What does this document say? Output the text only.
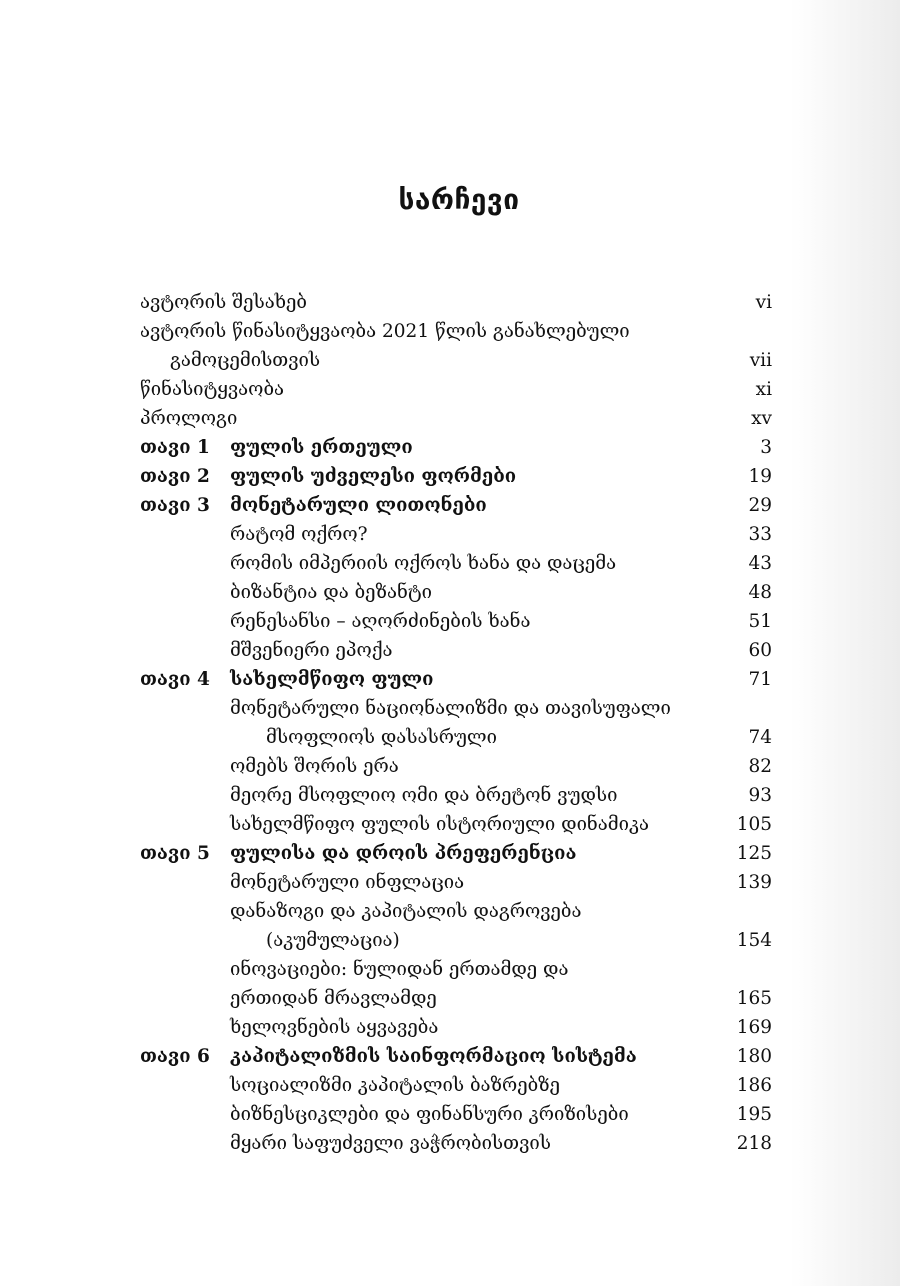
სარჩევი
ავტორის შესახებ	vi
ავტორის წინასიტყვაობა 2021 წლის განახლებული
გამოცემისთვის	vii
წინასიტყვაობა	xi
პროლოგი	xv
თავი 1 ფულის ერთეული	3
თავი 2 ფულის უძველესი ფორმები	19
თავი 3 მონეტარული ლითონები	29
რატომ ოქრო?	33
რომის იმპერიის ოქროს ხანა და დაცემა	43
ბიზანტია და ბეზანტი	48
რენესანსი – აღორძინების ხანა	51
მშვენიერი ეპოქა	60
თავი 4 სახელმწიფო ფული	71
მონეტარული ნაციონალიზმი და თავისუფალი
მსოფლიოს დასასრული	74
ომებს შორის ერა	82
მეორე მსოფლიო ომი და ბრეტონ ვუდსი	93
სახელმწიფო ფულის ისტორიული დინამიკა	105
თავი 5 ფულისა და დროის პრეფერენცია	125
მონეტარული ინფლაცია	139
დანაზოგი და კაპიტალის დაგროვება
(აკუმულაცია)	154
ინოვაციები: ნულიდან ერთამდე და
ერთიდან მრავლამდე	165
ხელოვნების აყვავება	169
თავი 6 კაპიტალიზმის საინფორმაციო სისტემა	180
სოციალიზმი კაპიტალის ბაზრებზე	186
ბიზნესციკლები და ფინანსური კრიზისები	195
მყარი საფუძველი ვაჭრობისთვის	218
